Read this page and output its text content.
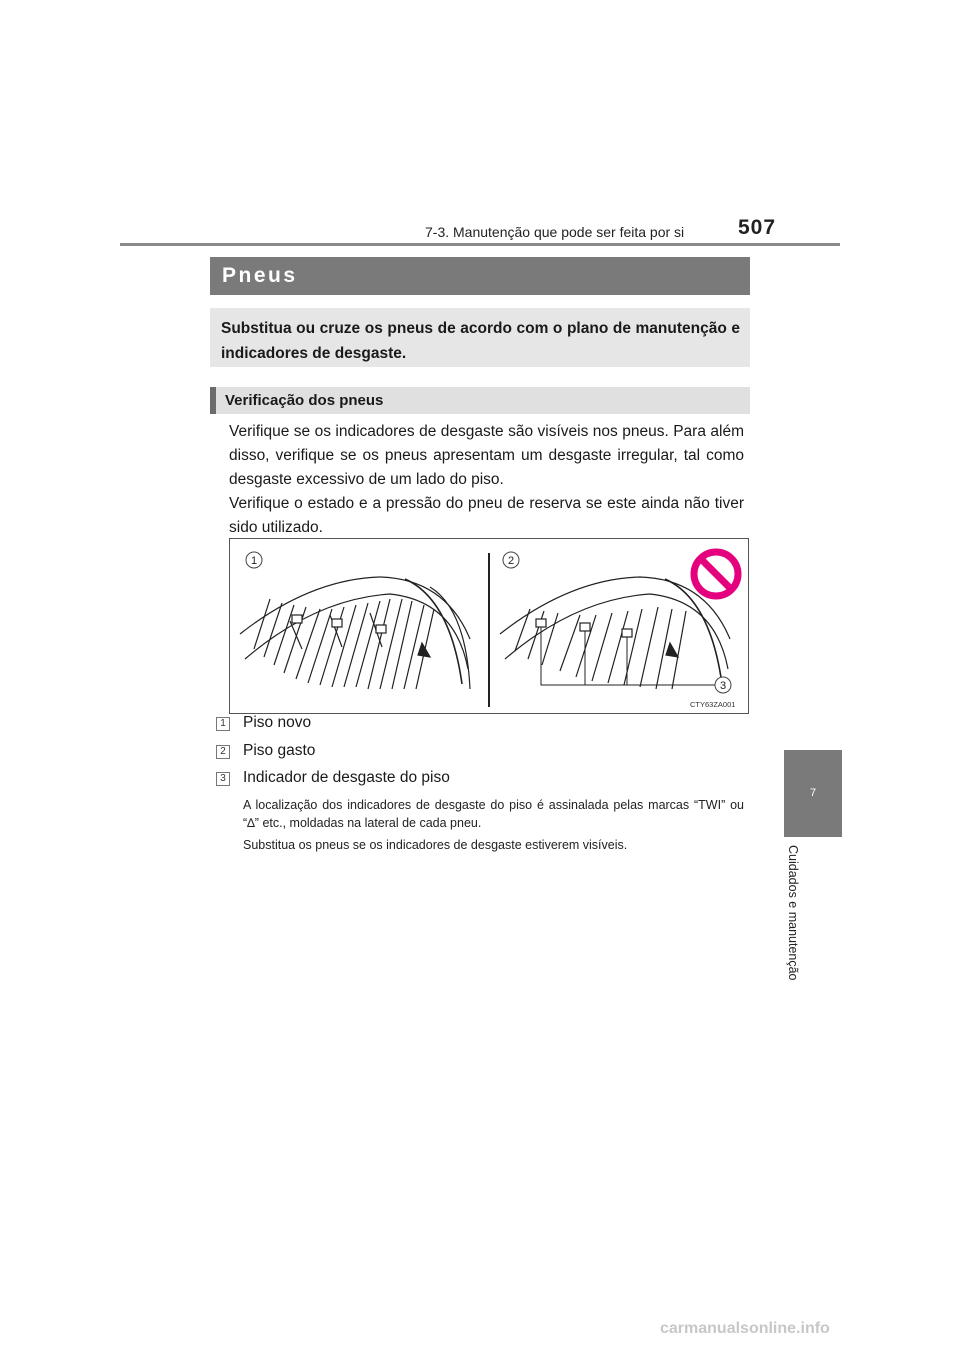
7-3. Manutenção que pode ser feita por si	507
7
Cuidados e manutenção
Pneus
Substitua ou cruze os pneus de acordo com o plano de manutenção e indicadores de desgaste.
Verificação dos pneus
Verifique se os indicadores de desgaste são visíveis nos pneus. Para além disso, verifique se os pneus apresentam um desgaste irregular, tal como desgaste excessivo de um lado do piso.
Verifique o estado e a pressão do pneu de reserva se este ainda não tiver sido utilizado.
1	2
3
CTY63ZA001
1 Piso novo
2 Piso gasto
3 Indicador de desgaste do piso
A localização dos indicadores de desgaste do piso é assinalada pelas marcas “TWI” ou “∆” etc., moldadas na lateral de cada pneu.
Substitua os pneus se os indicadores de desgaste estiverem visíveis.
carmanualsonline.info
